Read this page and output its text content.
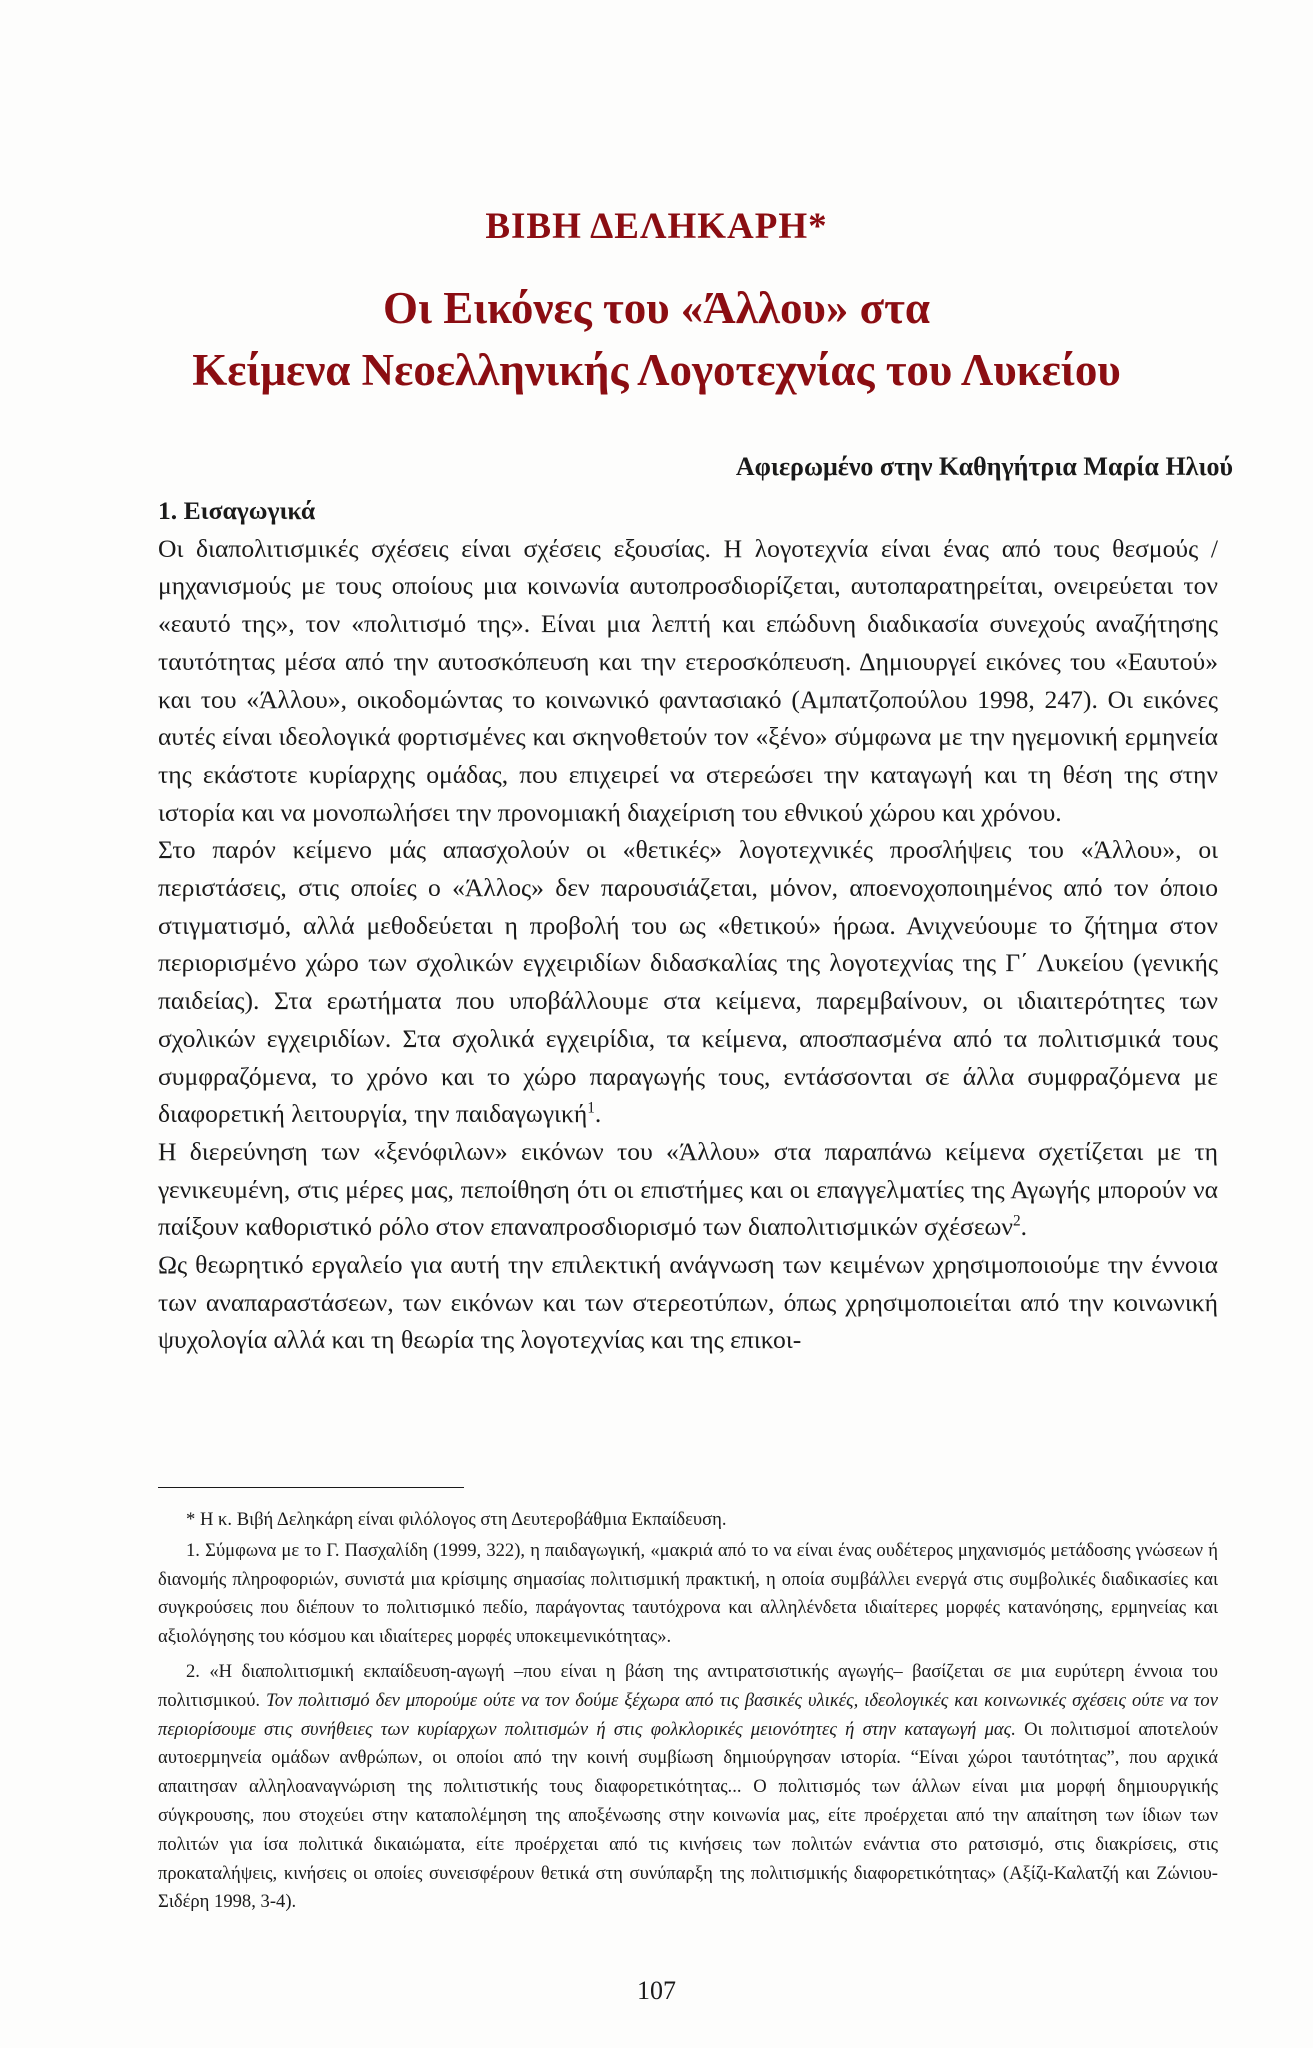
ΒΙΒΗ ΔΕΛΗΚΑΡΗ*
Οι Εικόνες του «Άλλου» στα
Κείμενα Νεοελληνικής Λογοτεχνίας του Λυκείου
Αφιερωμένο στην Καθηγήτρια Μαρία Ηλιού

1. Εισαγωγικά

Οι διαπολιτισμικές σχέσεις είναι σχέσεις εξουσίας. Η λογοτεχνία είναι ένας από τους θεσμούς / μηχανισμούς με τους οποίους μια κοινωνία αυτοπροσδιορίζεται, αυτοπαρατηρείται, ονειρεύεται τον «εαυτό της», τον «πολιτισμό της». Είναι μια λεπτή και επώδυνη διαδικασία συνεχούς αναζήτησης ταυτότητας μέσα από την αυτοσκόπευση και την ετεροσκόπευση. Δημιουργεί εικόνες του «Εαυτού» και του «Άλλου», οικοδομώντας το κοινωνικό φαντασιακό (Αμπατζοπούλου 1998, 247). Οι εικόνες αυτές είναι ιδεολογικά φορτισμένες και σκηνοθετούν τον «ξένο» σύμφωνα με την ηγεμονική ερμηνεία της εκάστοτε κυρίαρχης ομάδας, που επιχειρεί να στερεώσει την καταγωγή και τη θέση της στην ιστορία και να μονοπωλήσει την προνομιακή διαχείριση του εθνικού χώρου και χρόνου.

Στο παρόν κείμενο μάς απασχολούν οι «θετικές» λογοτεχνικές προσλήψεις του «Άλλου», οι περιστάσεις, στις οποίες ο «Άλλος» δεν παρουσιάζεται, μόνον, αποενοχοποιημένος από τον όποιο στιγματισμό, αλλά μεθοδεύεται η προβολή του ως «θετικού» ήρωα. Ανιχνεύουμε το ζήτημα στον περιορισμένο χώρο των σχολικών εγχειριδίων διδασκαλίας της λογοτεχνίας της Γ΄ Λυκείου (γενικής παιδείας). Στα ερωτήματα που υποβάλλουμε στα κείμενα, παρεμβαίνουν, οι ιδιαιτερότητες των σχολικών εγχειριδίων. Στα σχολικά εγχειρίδια, τα κείμενα, αποσπασμένα από τα πολιτισμικά τους συμφραζόμενα, το χρόνο και το χώρο παραγωγής τους, εντάσσονται σε άλλα συμφραζόμενα με διαφορετική λειτουργία, την παιδαγωγική$^1$.

Η διερεύνηση των «ξενόφιλων» εικόνων του «Άλλου» στα παραπάνω κείμενα σχετίζεται με τη γενικευμένη, στις μέρες μας, πεποίθηση ότι οι επιστήμες και οι επαγγελματίες της Αγωγής μπορούν να παίξουν καθοριστικό ρόλο στον επαναπροσδιορισμό των διαπολιτισμικών σχέσεων$^2$.

Ως θεωρητικό εργαλείο για αυτή την επιλεκτική ανάγνωση των κειμένων χρησιμοποιούμε την έννοια των αναπαραστάσεων, των εικόνων και των στερεοτύπων, όπως χρησιμοποιείται από την κοινωνική ψυχολογία αλλά και τη θεωρία της λογοτεχνίας και της επικοι-

* Η κ. Βιβή Δεληκάρη είναι φιλόλογος στη Δευτεροβάθμια Εκπαίδευση.

1. Σύμφωνα με το Γ. Πασχαλίδη (1999, 322), η παιδαγωγική, «μακριά από το να είναι ένας ουδέτερος μηχανισμός μετάδοσης γνώσεων ή διανομής πληροφοριών, συνιστά μια κρίσιμης σημασίας πολιτισμική πρακτική, η οποία συμβάλλει ενεργά στις συμβολικές διαδικασίες και συγκρούσεις που διέπουν το πολιτισμικό πεδίο, παράγοντας ταυτόχρονα και αλληλένδετα ιδιαίτερες μορφές κατανόησης, ερμηνείας και αξιολόγησης του κόσμου και ιδιαίτερες μορφές υποκειμενικότητας».

2. «Η διαπολιτισμική εκπαίδευση-αγωγή –που είναι η βάση της αντιρατσιστικής αγωγής– βασίζεται σε μια ευρύτερη έννοια του πολιτισμικού. Τον πολιτισμό δεν μπορούμε ούτε να τον δούμε ξέχωρα από τις βασικές υλικές, ιδεολογικές και κοινωνικές σχέσεις ούτε να τον περιορίσουμε στις συνήθειες των κυρίαρχων πολιτισμών ή στις φολκλορικές μειονότητες ή στην καταγωγή μας. Οι πολιτισμοί αποτελούν αυτοερμηνεία ομάδων ανθρώπων, οι οποίοι από την κοινή συμβίωση δημιούργησαν ιστορία. “Είναι χώροι ταυτότητας”, που αρχικά απαιτησαν αλληλοαναγνώριση της πολιτιστικής τους διαφορετικότητας... Ο πολιτισμός των άλλων είναι μια μορφή δημιουργικής σύγκρουσης, που στοχεύει στην καταπολέμηση της αποξένωσης στην κοινωνία μας, είτε προέρχεται από την απαίτηση των ίδιων των πολιτών για ίσα πολιτικά δικαιώματα, είτε προέρχεται από τις κινήσεις των πολιτών ενάντια στο ρατσισμό, στις διακρίσεις, στις προκαταλήψεις, κινήσεις οι οποίες συνεισφέρουν θετικά στη συνύπαρξη της πολιτισμικής διαφορετικότητας» (Αξίζι-Καλατζή και Ζώνιου-Σιδέρη 1998, 3-4).

107
